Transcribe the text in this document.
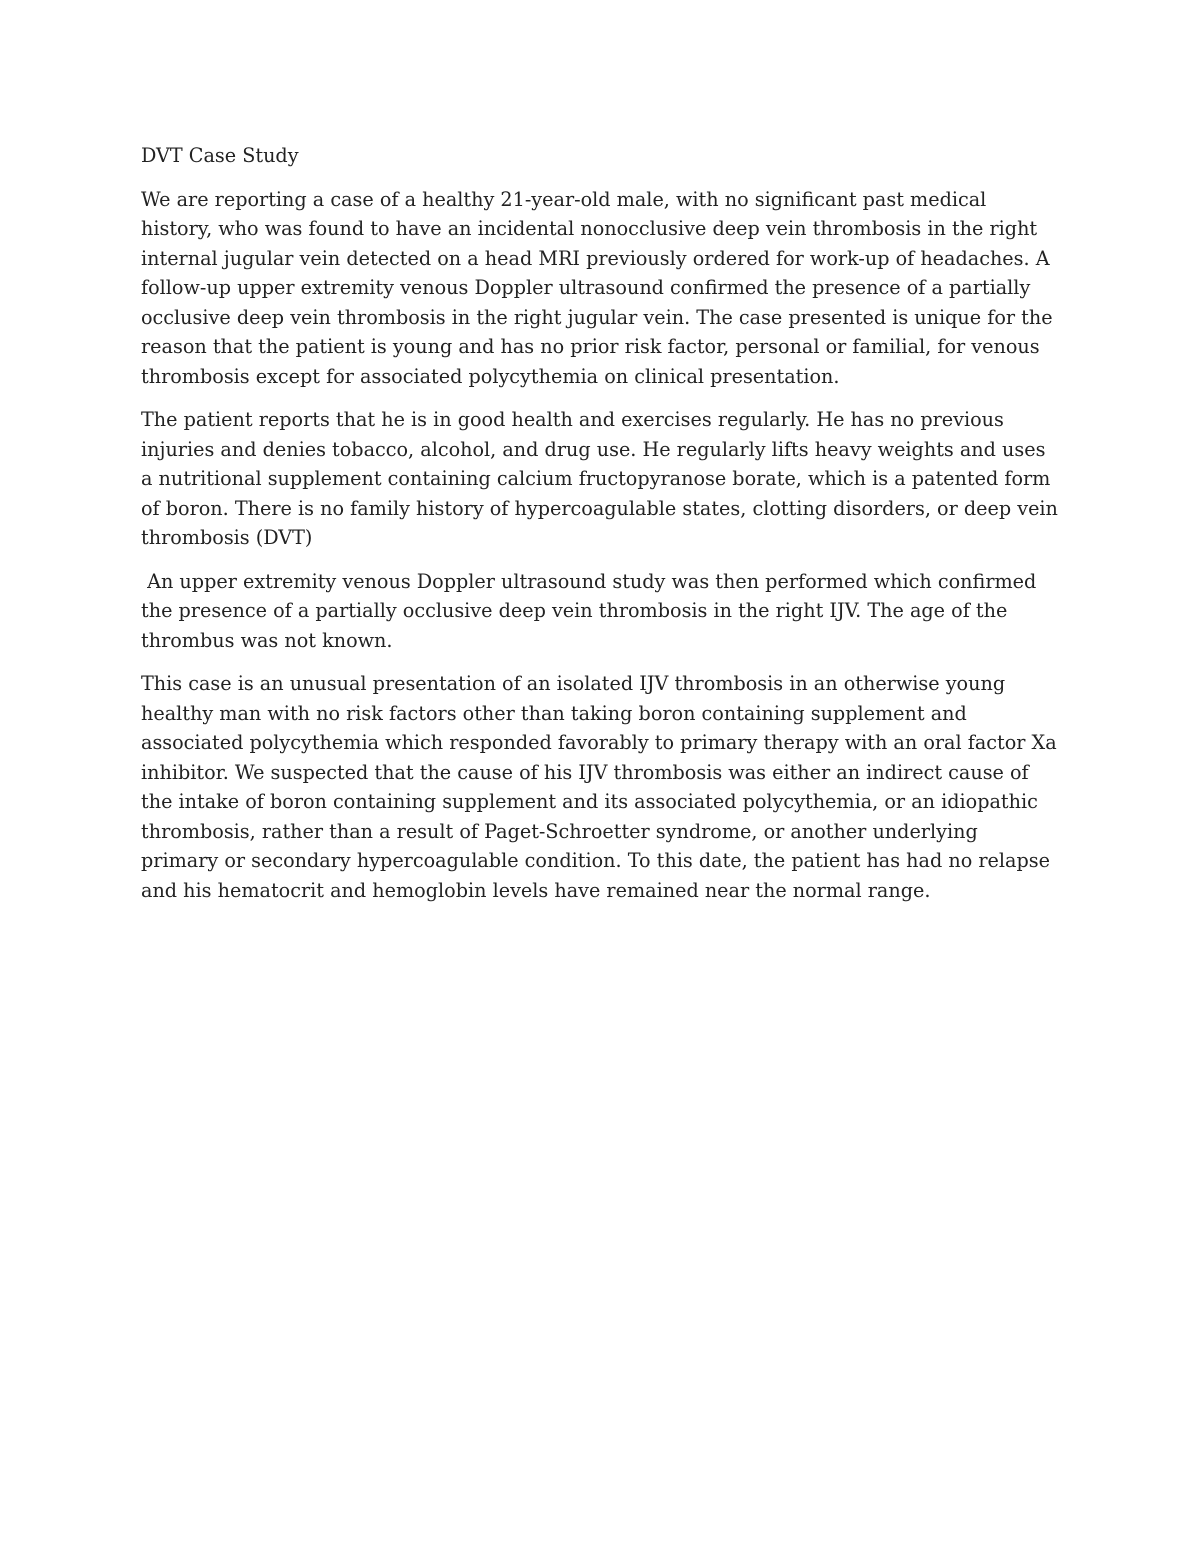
DVT Case Study

We are reporting a case of a healthy 21-year-old male, with no significant past medical history, who was found to have an incidental nonocclusive deep vein thrombosis in the right internal jugular vein detected on a head MRI previously ordered for work-up of headaches. A follow-up upper extremity venous Doppler ultrasound confirmed the presence of a partially occlusive deep vein thrombosis in the right jugular vein. The case presented is unique for the reason that the patient is young and has no prior risk factor, personal or familial, for venous thrombosis except for associated polycythemia on clinical presentation.

The patient reports that he is in good health and exercises regularly. He has no previous injuries and denies tobacco, alcohol, and drug use. He regularly lifts heavy weights and uses a nutritional supplement containing calcium fructopyranose borate, which is a patented form of boron. There is no family history of hypercoagulable states, clotting disorders, or deep vein thrombosis (DVT)

An upper extremity venous Doppler ultrasound study was then performed which confirmed the presence of a partially occlusive deep vein thrombosis in the right IJV. The age of the thrombus was not known.

This case is an unusual presentation of an isolated IJV thrombosis in an otherwise young healthy man with no risk factors other than taking boron containing supplement and associated polycythemia which responded favorably to primary therapy with an oral factor Xa inhibitor. We suspected that the cause of his IJV thrombosis was either an indirect cause of the intake of boron containing supplement and its associated polycythemia, or an idiopathic thrombosis, rather than a result of Paget-Schroetter syndrome, or another underlying primary or secondary hypercoagulable condition. To this date, the patient has had no relapse and his hematocrit and hemoglobin levels have remained near the normal range.
